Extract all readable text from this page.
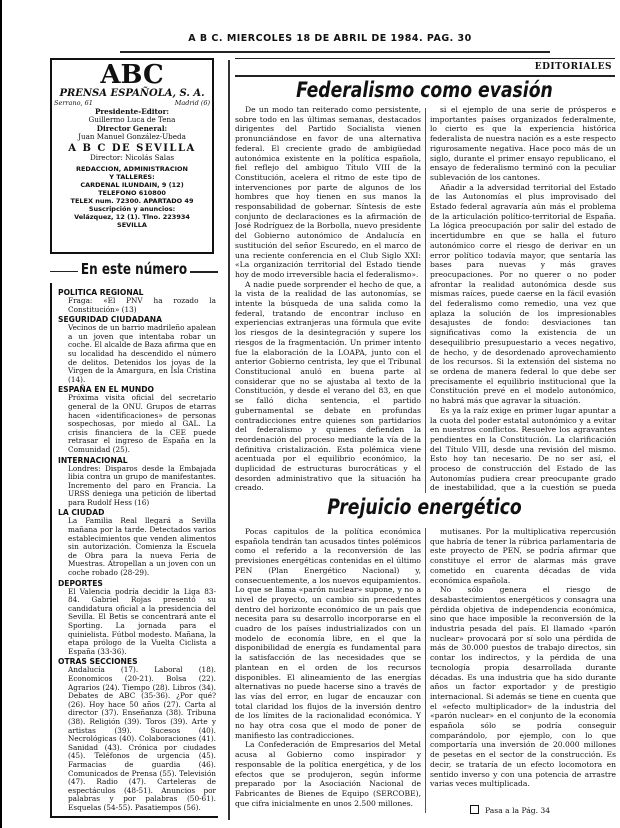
A B C. MIERCOLES 18 DE ABRIL DE 1984. PAG. 30
ABC
PRENSA ESPAÑOLA, S. A.
Serrano, 61	Madrid (6)
Presidente-Editor:
Guillermo Luca de Tena
Director General:
Juan Manuel González-Ubeda
A B C DE SEVILLA
Director: Nicolás Salas
REDACCION, ADMINISTRACION
Y TALLERES:
CARDENAL ILUNDAIN, 9 (12)
TELEFONO 610800
TELEX num. 72300. APARTADO 49
Suscripción y anuncios:
Velázquez, 12 (1). Tlno. 223934
SEVILLA
En este número
POLITICA REGIONAL
Fraga: «El PNV ha rozado la Constitución» (13)
SEGURIDAD CIUDADANA
Vecinos de un barrio madrileño apalean a un joven que intentaba robar un coche. El alcalde de Baza afirma que en su localidad ha descendido el número de delitos. Detenidos los joyas de la Virgen de la Amargura, en Isla Cristina (14).
ESPAÑA EN EL MUNDO
Próxima visita oficial del secretario general de la ONU. Grupos de etarras hacen «identificaciones» de personas sospechosas, por miedo al GAL. La crisis financiera de la CEE puede retrasar el ingreso de España en la Comunidad (25).
INTERNACIONAL
Londres: Disparos desde la Embajada libia contra un grupo de manifestantes. Incremento del paro en Francia. La URSS deniega una petición de libertad para Rudolf Hess (16)
LA CIUDAD
La Familia Real llegará a Sevilla mañana por la tarde. Detectados varios establecimientos que venden alimentos sin autorización. Comienza la Escuela de Obra para la nueva Feria de Muestras. Atropellan a un joven con un coche robado (28-29).
DEPORTES
El Valencia podría decidir la Liga 83-84. Gabriel Rojas presentó su candidatura oficial a la presidencia del Sevilla. El Betis se concentrará ante el Sporting. La jornada para el quinielista. Fútbol modesto. Mañana, la etapa prólogo de la Vuelta Ciclista a España (33-36).
OTRAS SECCIONES
Andalucía (17). Laboral (18). Economicos (20-21). Bolsa (22). Agrarios (24). Tiempo (28). Libros (34). Debates de ABC (35-36). ¿Por qué? (26). Hoy hace 50 años (27). Carta al director (37). Enseñanza (38). Tribuna (38). Religión (39). Toros (39). Arte y artistas (39). Sucesos (40). Necrológicas (40). Colaboraciones (41). Sanidad (43). Crónica por ciudades (45). Teléfonos de urgencia (45). Farmacias de guardia (46). Comunicados de Prensa (55). Televisión (47). Radio (47). Carteleras de espectáculos (48-51). Anuncios por palabras y por palabras (50-61). Esquelas (54-55). Pasatiempos (56).
EDITORIALES
Federalismo como evasión

De un modo tan reiterado como persistente, sobre todo en las últimas semanas, destacados dirigentes del Partido Socialista vienen pronunciándose en favor de una alternativa federal. El creciente grado de ambigüedad autonómica existente en la política española, fiel reflejo del ambiguo Título VIII de la Constitución, acelera el ritmo de este tipo de intervenciones por parte de algunos de los hombres que hoy tienen en sus manos la responsabilidad de gobernar. Síntesis de este conjunto de declaraciones es la afirmación de José Rodríguez de la Borbolla, nuevo presidente del Gobierno autonómico de Andalucía en sustitución del señor Escuredo, en el marco de una reciente conferencia en el Club Siglo XXI: «La organización territorial del Estado tiende hoy de modo irreversible hacia el federalismo».

A nadie puede sorprender el hecho de que, a la vista de la realidad de las autonomías, se intente la búsqueda de una salida como la federal, tratando de encontrar incluso en experiencias extranjeras una fórmula que evite los riesgos de la desintegración y supere los riesgos de la fragmentación. Un primer intento fue la elaboración de la LOAPA, junto con el anterior Gobierno centrista, ley que el Tribunal Constitucional anuló en buena parte al considerar que no se ajustaba al texto de la Constitución, y desde el verano del 83, en que se falló dicha sentencia, el partido gubernamental se debate en profundas contradicciones entre quienes son partidarios del federalismo y quienes defienden la reordenación del proceso mediante la vía de la definitiva cristalización. Esta polémica viene acentuada por el equilibrio económico, la duplicidad de estructuras burocráticas y el desorden administrativo que la situación ha creado.

si el ejemplo de una serie de prósperos e importantes países organizados federalmente, lo cierto es que la experiencia histórica federalista de nuestra nación es a este respecto rigurosamente negativa. Hace poco más de un siglo, durante el primer ensayo republicano, el ensayo de federalismo terminó con la peculiar sublevación de los cantones.

Añadir a la adversidad territorial del Estado de las Autonomías el plus improvisado del Estado federal agravaría aún más el problema de la articulación político-territorial de España. La lógica preocupación por salir del estado de incertidumbre en que se halla el futuro autonómico corre el riesgo de derivar en un error político todavía mayor, que sentaría las bases para nuevas y más graves preocupaciones. Por no querer o no poder afrontar la realidad autonómica desde sus mismas raíces, puede caerse en la fácil evasión del federalismo como remedio, una vez que aplaza la solución de los impresionables desajustes de fondo: desviaciones tan significativas como la existencia de un desequilibrio presupuestario a veces negativo, de hecho, y de desordenado aprovechamiento de los recursos. Si la extensión del sistema no se ordena de manera federal lo que debe ser precisamente el equilibrio institucional que la Constitución prevé en el modelo autonómico, no habrá más que agravar la situación.

Es ya la raíz exige en primer lugar apuntar a la cuota del poder estatal autonómico y a evitar en nuestros conflictos. Resuelve los agravantes pendientes en la Constitución. La clarificación del Título VIII, desde una revisión del mismo. Esto hoy tan necesario. De no ser así, el proceso de construcción del Estado de las Autonomías pudiera crear preocupante grado de inestabilidad, que a la cuestión se pueda

Prejuicio energético

Pocas capitulos de la política económica española tendrán tan acusados tintes polémicos como el referido a la reconversión de las previsiones energéticas contenidas en el último PEN (Plan Energético Nacional) y, consecuentemente, a los nuevos equipamientos. Lo que se llama «parón nuclear» supone, y no a nivel de proyecto, un cambio sin precedentes dentro del horizonte económico de un país que necesita para su desarrollo incorporarse en el cuadro de los países industrializados con un modelo de economía libre, en el que la disponibilidad de energía es fundamental para la satisfacción de las necesidades que se plantean en el orden de los recursos disponibles. El alineamiento de las energías alternativas no puede hacerse sino a través de las vías del error, en lugar de encauzar con total claridad los flujos de la inversión dentro de los límites de la racionalidad económica. Y no hay otra cosa que el modo de poner de manifiesto las contradicciones.

La Confederación de Empresarios del Metal acusa al Gobierno como inspirador y responsable de la política energética, y de los efectos que se produjeron, según informe preparado por la Asociación Nacional de Fabricantes de Bienes de Equipo (SERCOBE), que cifra inicialmente en unos 2.500 millones.

mutisanes. Por la multiplicativa repercusión que habría de tener la rúbrica parlamentaria de este proyecto de PEN, se podría afirmar que constituye el error de alarmas más grave cometido en cuarenta décadas de vida económica española.

No sólo genera el riesgo de desabastecimientos energéticos y consagra una pérdida objetiva de independencia económica, sino que hace imposible la reconversión de la industria pesada del país. El llamado «parón nuclear» provocará por sí solo una pérdida de más de 30.000 puestos de trabajo directos, sin contar los indirectos, y la pérdida de una tecnología propia desarrollada durante décadas. Es una industria que ha sido durante años un factor exportador y de prestigio internacional. Si además se tiene en cuenta que el «efecto multiplicador» de la industria del «parón nuclear» en el conjunto de la economía española sólo se podría conseguir comparándolo, por ejemplo, con lo que comportaría una inversión de 20.000 millones de pesetas en el sector de la construcción. Es decir, se trataría de un efecto locomotora en sentido inverso y con una potencia de arrastre varias veces multiplicada.

Pasa a la Pág. 34
